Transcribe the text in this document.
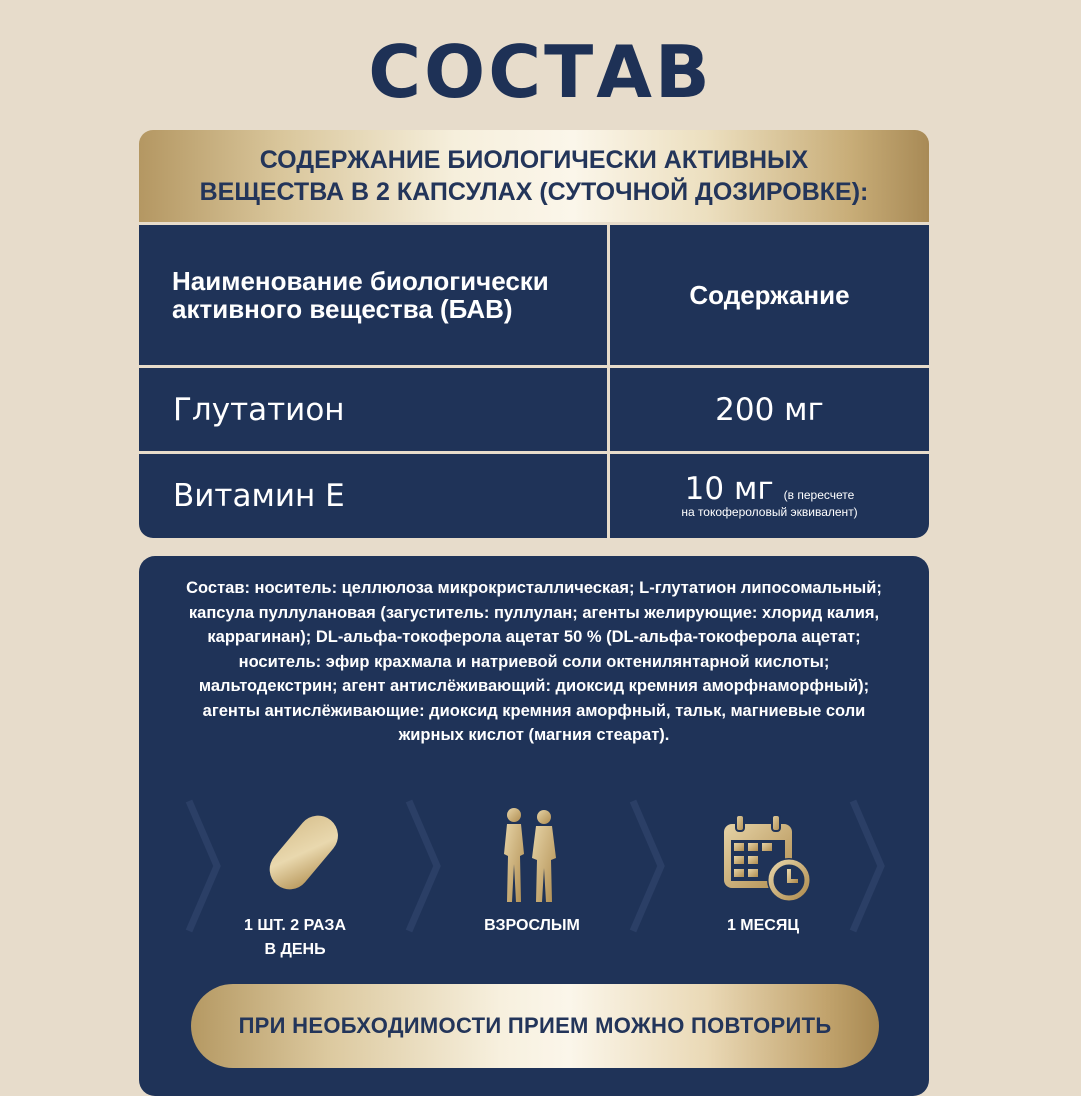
СОСТАВ
СОДЕРЖАНИЕ БИОЛОГИЧЕСКИ АКТИВНЫХ
ВЕЩЕСТВА В 2 КАПСУЛАХ (СУТОЧНОЙ ДОЗИРОВКЕ):
Наименование биологически
активного вещества (БАВ)	Содержание
Глутатион	200 мг
Витамин Е	10 мг (в пересчете
на токофероловый эквивалент)
Состав: носитель: целлюлоза микрокристаллическая; L-глутатион липосомальный; капсула пуллулановая (загуститель: пуллулан; агенты желирующие: хлорид калия, каррагинан); DL-альфа-токоферола ацетат 50 % (DL-альфа-токоферола ацетат; носитель: эфир крахмала и натриевой соли октенилянтарной кислоты; мальтодекстрин; агент антислёживающий: диоксид кремния аморфнаморфный); агенты антислёживающие: диоксид кремния аморфный, тальк, магниевые соли жирных кислот (магния стеарат).
1 ШТ. 2 РАЗА
В ДЕНЬ
ВЗРОСЛЫМ	1 МЕСЯЦ
ПРИ НЕОБХОДИМОСТИ ПРИЕМ МОЖНО ПОВТОРИТЬ
